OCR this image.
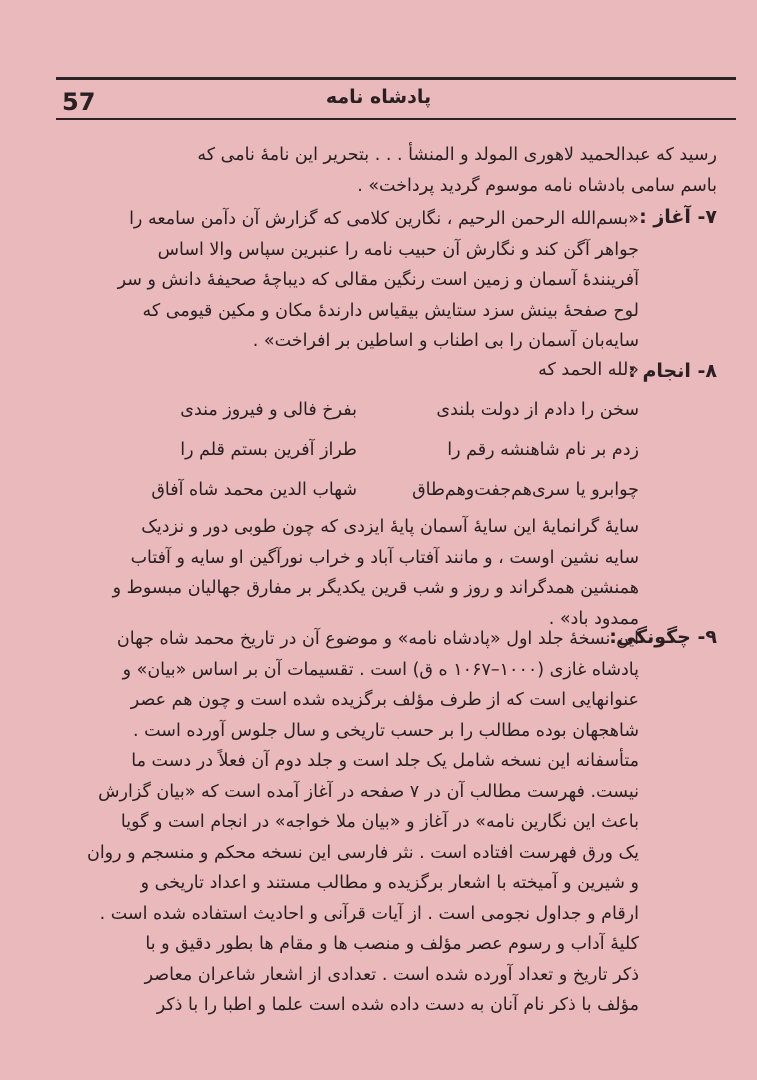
پادشاه نامه
57
رسید که عبدالحمید لاهوری المولد و المنشأ . . . بتحریر این نامهٔ نامی که
باسم سامی بادشاه نامه موسوم گردید پرداخت» .
۷- آغاز :
«بسم‌الله الرحمن الرحیم ، نگارین کلامی که گزارش آن دآمن سامعه را
جواهر آگن کند و نگارش آن حبیب نامه را عنبرین سپاس والا اساس
آفرینندهٔ آسمان و زمین است رنگین مقالی که دیباچهٔ صحیفهٔ دانش و سر
لوح صفحهٔ بینش سزد ستایش بیقیاس دارندهٔ مکان و مکین قیومی که
سایه‌بان آسمان را بی اطناب و اساطین بر افراخت» .
۸- انجام :
«لله الحمد که
سخن را دادم از دولت بلندی
بفرخ فالی و فیروز مندی
زدم بر نام شاهنشه رقم را
طراز آفرین بستم قلم را
چوابرو یا سری‌هم‌جفت‌وهم‌طاق
شهاب الدین محمد شاه آفاق
سایهٔ گرانمایهٔ این سایهٔ آسمان پایهٔ ایزدی که چون طوبی دور و نزدیک
سایه نشین اوست ، و مانند آفتاب آباد و خراب نورآگین او سایه و آفتاب
همنشین همدگراند و روز و شب قرین یکدیگر بر مفارق جهالیان مبسوط و
ممدود باد» .
۹- چگونگی:
این نسخهٔ جلد اول «پادشاه نامه» و موضوع آن در تاریخ محمد شاه جهان
پادشاه غازی (۱۰۰۰–۱۰۶۷ ه ق) است . تقسیمات آن بر اساس «بیان» و
عنوانهایی است که از طرف مؤلف برگزیده شده است و چون هم عصر
شاهجهان بوده مطالب را بر حسب تاریخی و سال جلوس آورده است .
متأسفانه این نسخه شامل یک جلد است و جلد دوم آن فعلاً در دست ما
نیست. فهرست مطالب آن در ۷ صفحه در آغاز آمده است که «بیان گزارش
باعث این نگارین نامه» در آغاز و «بیان ملا خواجه» در انجام است و گویا
یک ورق فهرست افتاده است . نثر فارسی این نسخه محکم و منسجم و روان
و شیرین و آمیخته با اشعار برگزیده و مطالب مستند و اعداد تاریخی و
ارقام و جداول نجومی است . از آیات قرآنی و احادیث استفاده شده است .
کلیهٔ آداب و رسوم عصر مؤلف و منصب ها و مقام ها بطور دقیق و با
ذکر تاریخ و تعداد آورده شده است . تعدادی از اشعار شاعران معاصر
مؤلف با ذکر نام آنان به دست داده شده است علما و اطبا را با ذکر
